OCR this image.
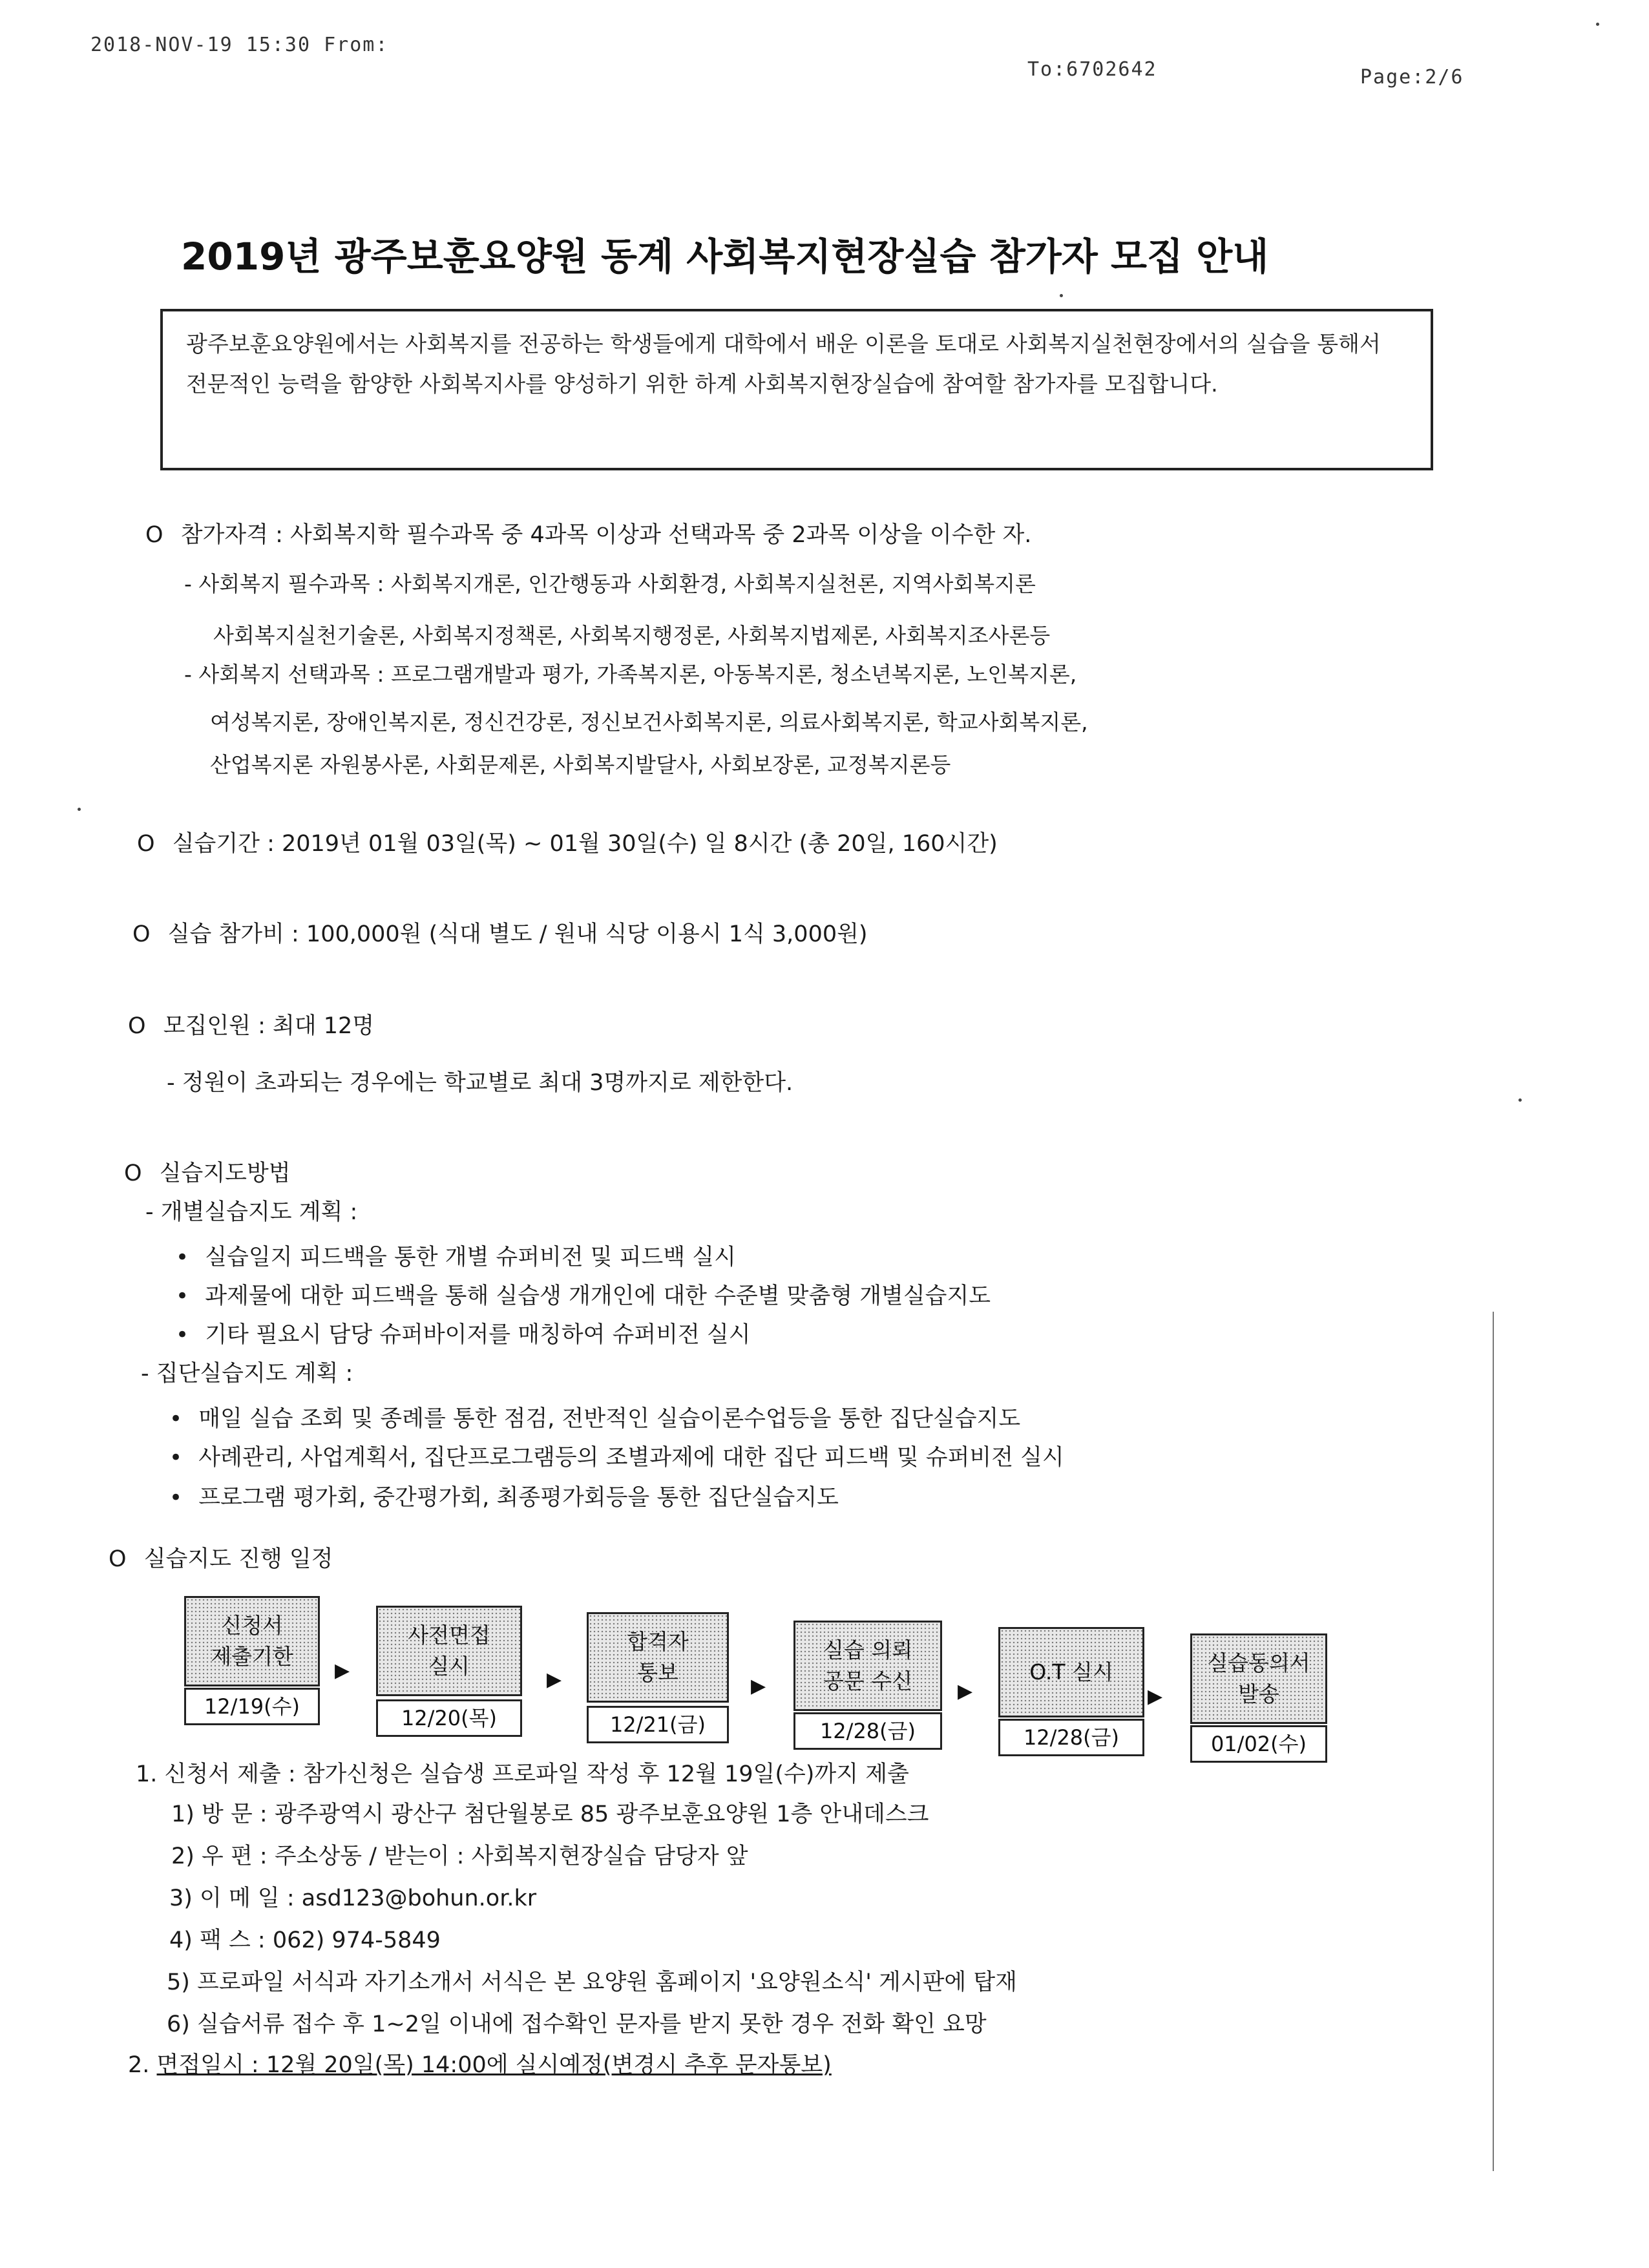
2018-NOV-19 15:30 From:
To:6702642	Page:2/6
2019년 광주보훈요양원 동계 사회복지현장실습 참가자 모집 안내
광주보훈요양원에서는 사회복지를 전공하는 학생들에게 대학에서 배운 이론을 토대로 사회복지실천현장에서의 실습을 통해서 전문적인 능력을 함양한 사회복지사를 양성하기 위한 하계 사회복지현장실습에 참여할 참가자를 모집합니다.
O 참가자격 : 사회복지학 필수과목 중 4과목 이상과 선택과목 중 2과목 이상을 이수한 자.
- 사회복지 필수과목 : 사회복지개론, 인간행동과 사회환경, 사회복지실천론, 지역사회복지론
사회복지실천기술론, 사회복지정책론, 사회복지행정론, 사회복지법제론, 사회복지조사론등
- 사회복지 선택과목 : 프로그램개발과 평가, 가족복지론, 아동복지론, 청소년복지론, 노인복지론,
여성복지론, 장애인복지론, 정신건강론, 정신보건사회복지론, 의료사회복지론, 학교사회복지론,
산업복지론 자원봉사론, 사회문제론, 사회복지발달사, 사회보장론, 교정복지론등
O 실습기간 : 2019년 01월 03일(목) ~ 01월 30일(수) 일 8시간 (총 20일, 160시간)
O 실습 참가비 : 100,000원 (식대 별도 / 원내 식당 이용시 1식 3,000원)
O 모집인원 : 최대 12명
- 정원이 초과되는 경우에는 학교별로 최대 3명까지로 제한한다.
O 실습지도방법
- 개별실습지도 계획 :
• 실습일지 피드백을 통한 개별 슈퍼비전 및 피드백 실시
• 과제물에 대한 피드백을 통해 실습생 개개인에 대한 수준별 맞춤형 개별실습지도
• 기타 필요시 담당 슈퍼바이저를 매칭하여 슈퍼비전 실시
- 집단실습지도 계획 :
• 매일 실습 조회 및 종례를 통한 점검, 전반적인 실습이론수업등을 통한 집단실습지도
• 사례관리, 사업계획서, 집단프로그램등의 조별과제에 대한 집단 피드백 및 슈퍼비전 실시
• 프로그램 평가회, 중간평가회, 최종평가회등을 통한 집단실습지도
O 실습지도 진행 일정
신청서
제출기한
12/19(수)
▶
사전면접
실시
12/20(목)
▶
합격자
통보
12/21(금)
▶
실습 의뢰
공문 수신
12/28(금)
▶
O.T 실시
12/28(금)
▶
실습동의서
발송
01/02(수)
1. 신청서 제출 : 참가신청은 실습생 프로파일 작성 후 12월 19일(수)까지 제출
1) 방 문 : 광주광역시 광산구 첨단월봉로 85 광주보훈요양원 1층 안내데스크
2) 우 편 : 주소상동 / 받는이 : 사회복지현장실습 담당자 앞
3) 이 메 일 : asd123@bohun.or.kr
4) 팩 스 : 062) 974-5849
5) 프로파일 서식과 자기소개서 서식은 본 요양원 홈페이지 '요양원소식' 게시판에 탑재
6) 실습서류 접수 후 1~2일 이내에 접수확인 문자를 받지 못한 경우 전화 확인 요망
2. 면접일시 : 12월 20일(목) 14:00에 실시예정(변경시 추후 문자통보)
